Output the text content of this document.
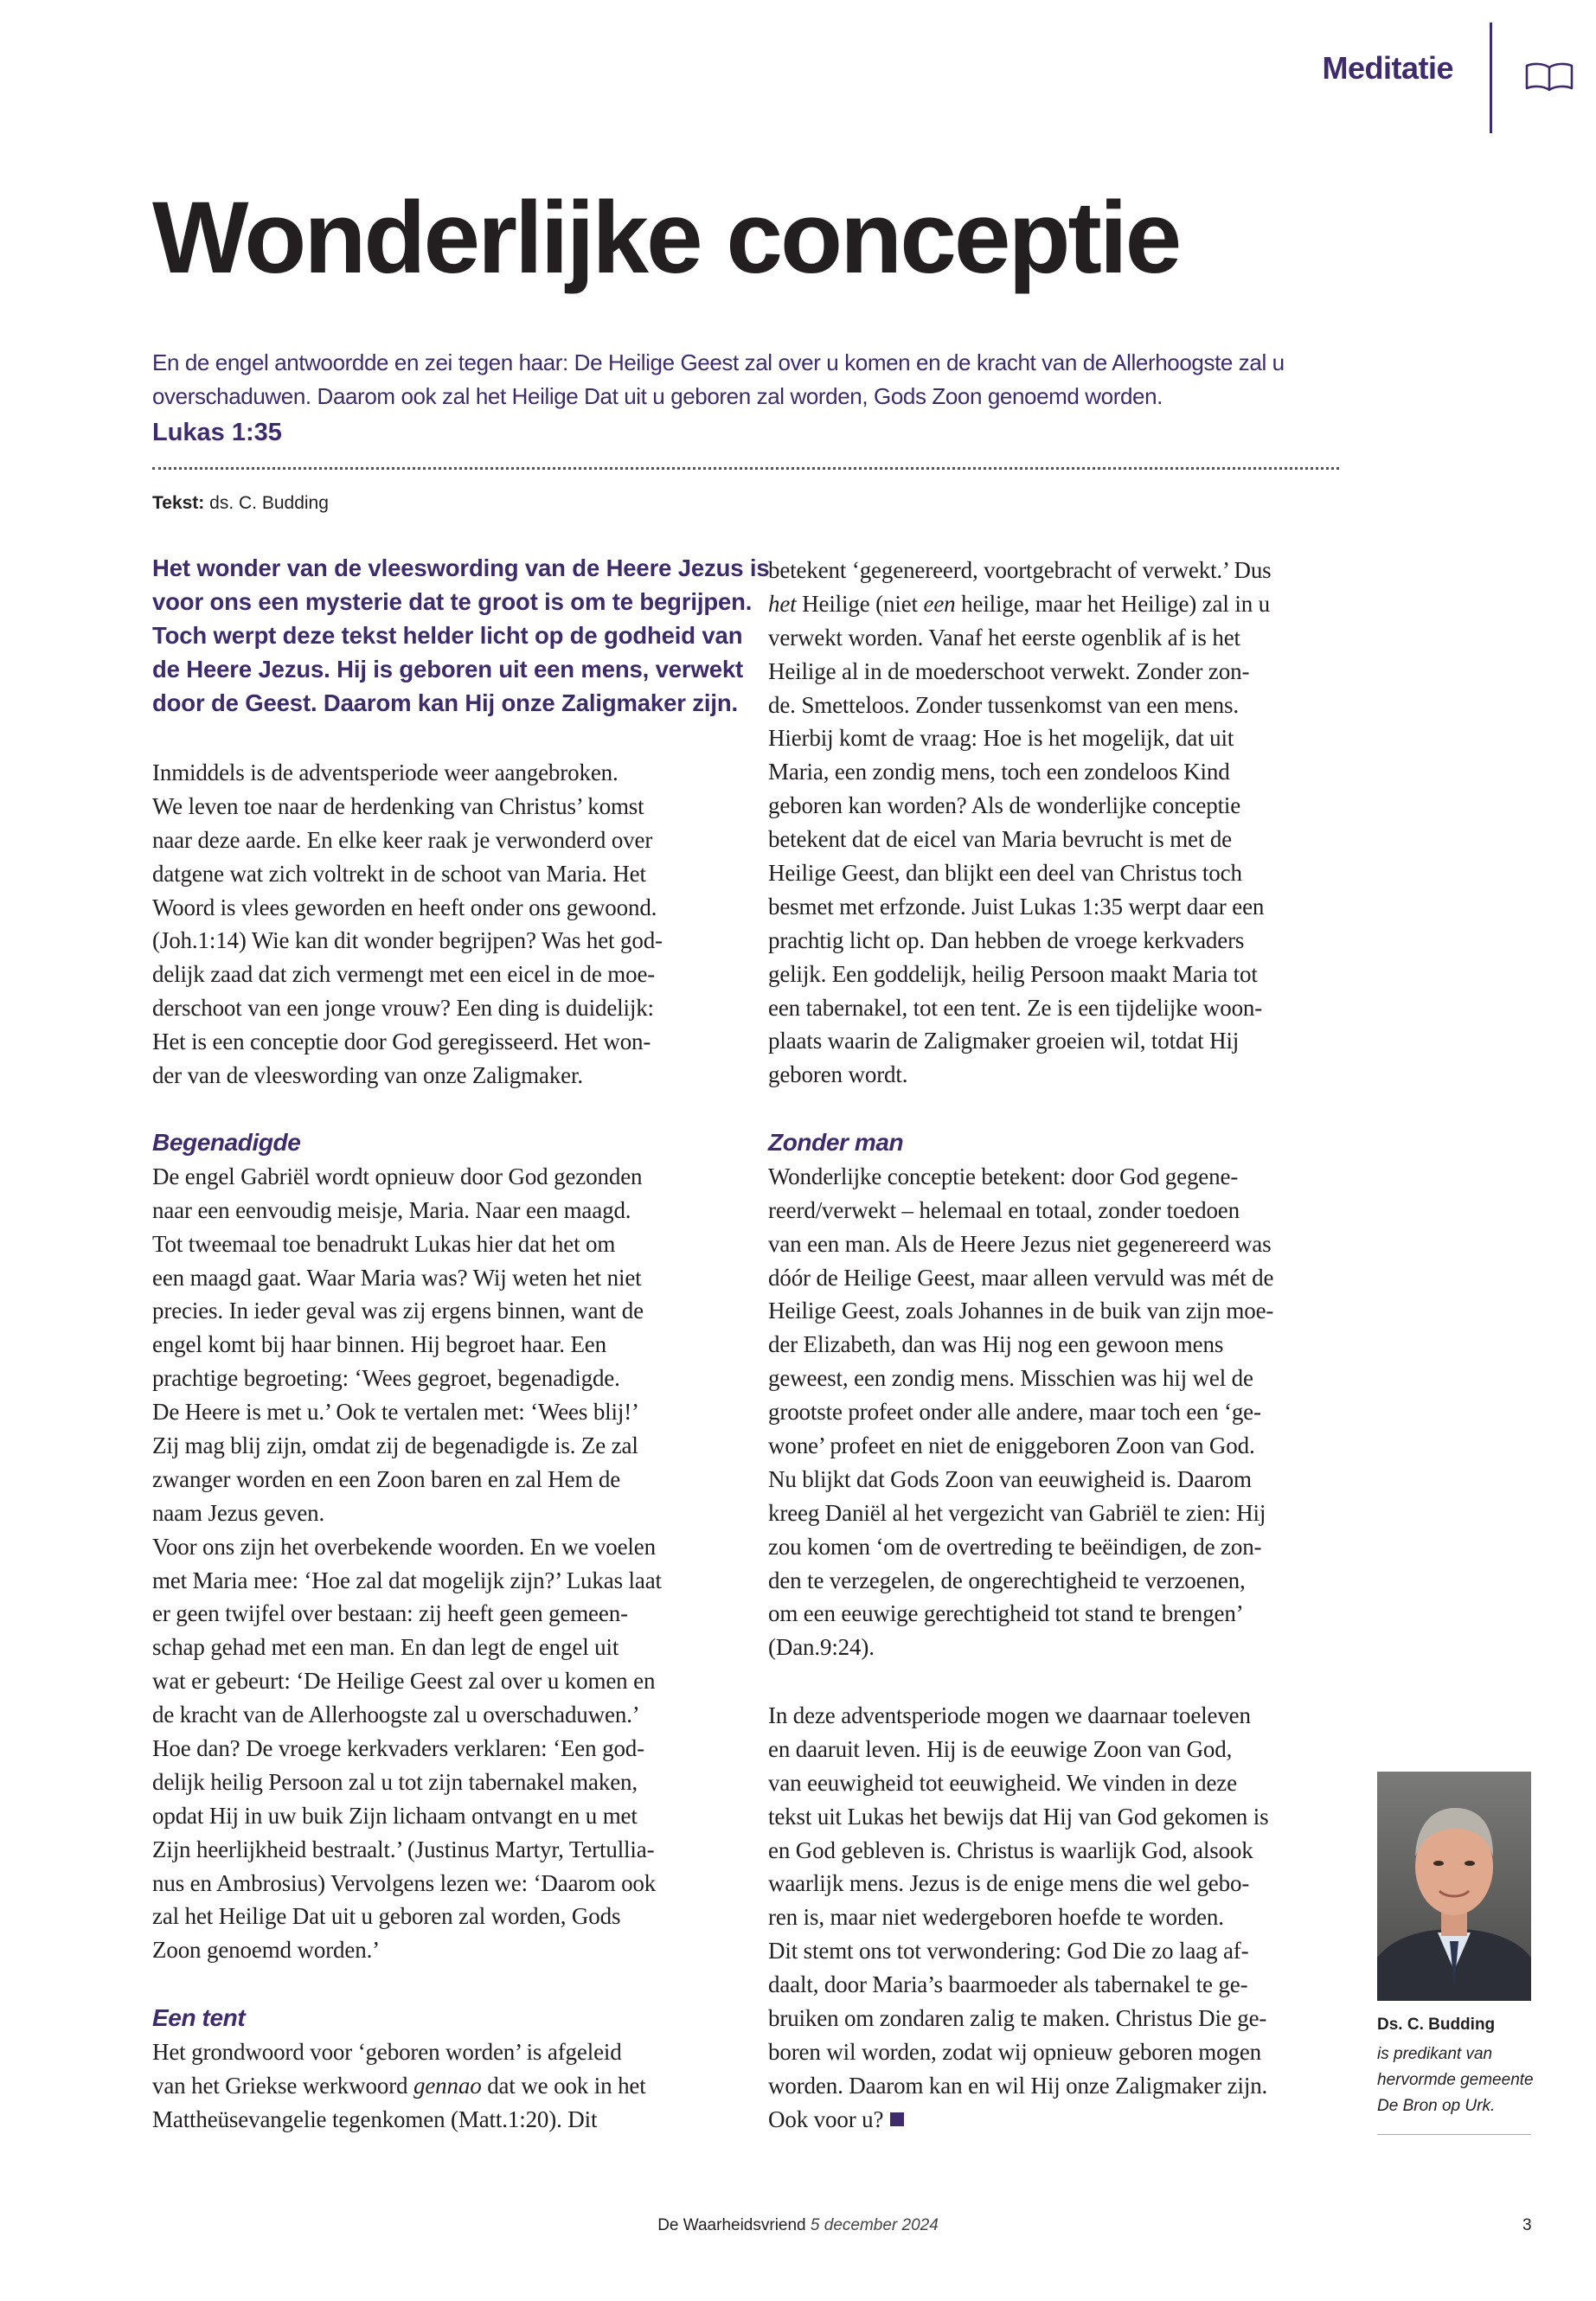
Meditatie
Wonderlijke conceptie
En de engel antwoordde en zei tegen haar: De Heilige Geest zal over u komen en de kracht van de Allerhoogste zal u overschaduwen. Daarom ook zal het Heilige Dat uit u geboren zal worden, Gods Zoon genoemd worden.
Lukas 1:35
Tekst: ds. C. Budding
Het wonder van de vleeswording van de Heere Jezus is
voor ons een mysterie dat te groot is om te begrijpen.
Toch werpt deze tekst helder licht op de godheid van
de Heere Jezus. Hij is geboren uit een mens, verwekt
door de Geest. Daarom kan Hij onze Zaligmaker zijn.
Inmiddels is de adventsperiode weer aangebroken.
We leven toe naar de herdenking van Christus’ komst
naar deze aarde. En elke keer raak je verwonderd over
datgene wat zich voltrekt in de schoot van Maria. Het
Woord is vlees geworden en heeft onder ons gewoond.
(Joh.1:14) Wie kan dit wonder begrijpen? Was het god-
delijk zaad dat zich vermengt met een eicel in de moe-
derschoot van een jonge vrouw? Een ding is duidelijk:
Het is een conceptie door God geregisseerd. Het won-
der van de vleeswording van onze Zaligmaker.
Begenadigde
De engel Gabriël wordt opnieuw door God gezonden
naar een eenvoudig meisje, Maria. Naar een maagd.
Tot tweemaal toe benadrukt Lukas hier dat het om
een maagd gaat. Waar Maria was? Wij weten het niet
precies. In ieder geval was zij ergens binnen, want de
engel komt bij haar binnen. Hij begroet haar. Een
prachtige begroeting: ‘Wees gegroet, begenadigde.
De Heere is met u.’ Ook te vertalen met: ‘Wees blij!’
Zij mag blij zijn, omdat zij de begenadigde is. Ze zal
zwanger worden en een Zoon baren en zal Hem de
naam Jezus geven.
Voor ons zijn het overbekende woorden. En we voelen
met Maria mee: ‘Hoe zal dat mogelijk zijn?’ Lukas laat
er geen twijfel over bestaan: zij heeft geen gemeen-
schap gehad met een man. En dan legt de engel uit
wat er gebeurt: ‘De Heilige Geest zal over u komen en
de kracht van de Allerhoogste zal u overschaduwen.’
Hoe dan? De vroege kerkvaders verklaren: ‘Een god-
delijk heilig Persoon zal u tot zijn tabernakel maken,
opdat Hij in uw buik Zijn lichaam ontvangt en u met
Zijn heerlijkheid bestraalt.’ (Justinus Martyr, Tertullia-
nus en Ambrosius) Vervolgens lezen we: ‘Daarom ook
zal het Heilige Dat uit u geboren zal worden, Gods
Zoon genoemd worden.’
Een tent
Het grondwoord voor ‘geboren worden’ is afgeleid
van het Griekse werkwoord gennao dat we ook in het
Mattheüsevangelie tegenkomen (Matt.1:20). Dit
betekent ‘gegenereerd, voortgebracht of verwekt.’ Dus
het Heilige (niet een heilige, maar het Heilige) zal in u
verwekt worden. Vanaf het eerste ogenblik af is het
Heilige al in de moederschoot verwekt. Zonder zon-
de. Smetteloos. Zonder tussenkomst van een mens.
Hierbij komt de vraag: Hoe is het mogelijk, dat uit
Maria, een zondig mens, toch een zondeloos Kind
geboren kan worden? Als de wonderlijke conceptie
betekent dat de eicel van Maria bevrucht is met de
Heilige Geest, dan blijkt een deel van Christus toch
besmet met erfzonde. Juist Lukas 1:35 werpt daar een
prachtig licht op. Dan hebben de vroege kerkvaders
gelijk. Een goddelijk, heilig Persoon maakt Maria tot
een tabernakel, tot een tent. Ze is een tijdelijke woon-
plaats waarin de Zaligmaker groeien wil, totdat Hij
geboren wordt.
Zonder man
Wonderlijke conceptie betekent: door God gegene-
reerd/verwekt – helemaal en totaal, zonder toedoen
van een man. Als de Heere Jezus niet gegenereerd was
dóór de Heilige Geest, maar alleen vervuld was mét de
Heilige Geest, zoals Johannes in de buik van zijn moe-
der Elizabeth, dan was Hij nog een gewoon mens
geweest, een zondig mens. Misschien was hij wel de
grootste profeet onder alle andere, maar toch een ‘ge-
wone’ profeet en niet de eniggeboren Zoon van God.
Nu blijkt dat Gods Zoon van eeuwigheid is. Daarom
kreeg Daniël al het vergezicht van Gabriël te zien: Hij
zou komen ‘om de overtreding te beëindigen, de zon-
den te verzegelen, de ongerechtigheid te verzoenen,
om een eeuwige gerechtigheid tot stand te brengen’
(Dan.9:24).
In deze adventsperiode mogen we daarnaar toeleven
en daaruit leven. Hij is de eeuwige Zoon van God,
van eeuwigheid tot eeuwigheid. We vinden in deze
tekst uit Lukas het bewijs dat Hij van God gekomen is
en God gebleven is. Christus is waarlijk God, alsook
waarlijk mens. Jezus is de enige mens die wel gebo-
ren is, maar niet wedergeboren hoefde te worden.
Dit stemt ons tot verwondering: God Die zo laag af-
daalt, door Maria’s baarmoeder als tabernakel te ge-
bruiken om zondaren zalig te maken. Christus Die ge-
boren wil worden, zodat wij opnieuw geboren mogen
worden. Daarom kan en wil Hij onze Zaligmaker zijn.
Ook voor u?
Ds. C. Budding
is predikant van hervormde gemeente De Bron op Urk.
De Waarheidsvriend 5 december 2024	3
